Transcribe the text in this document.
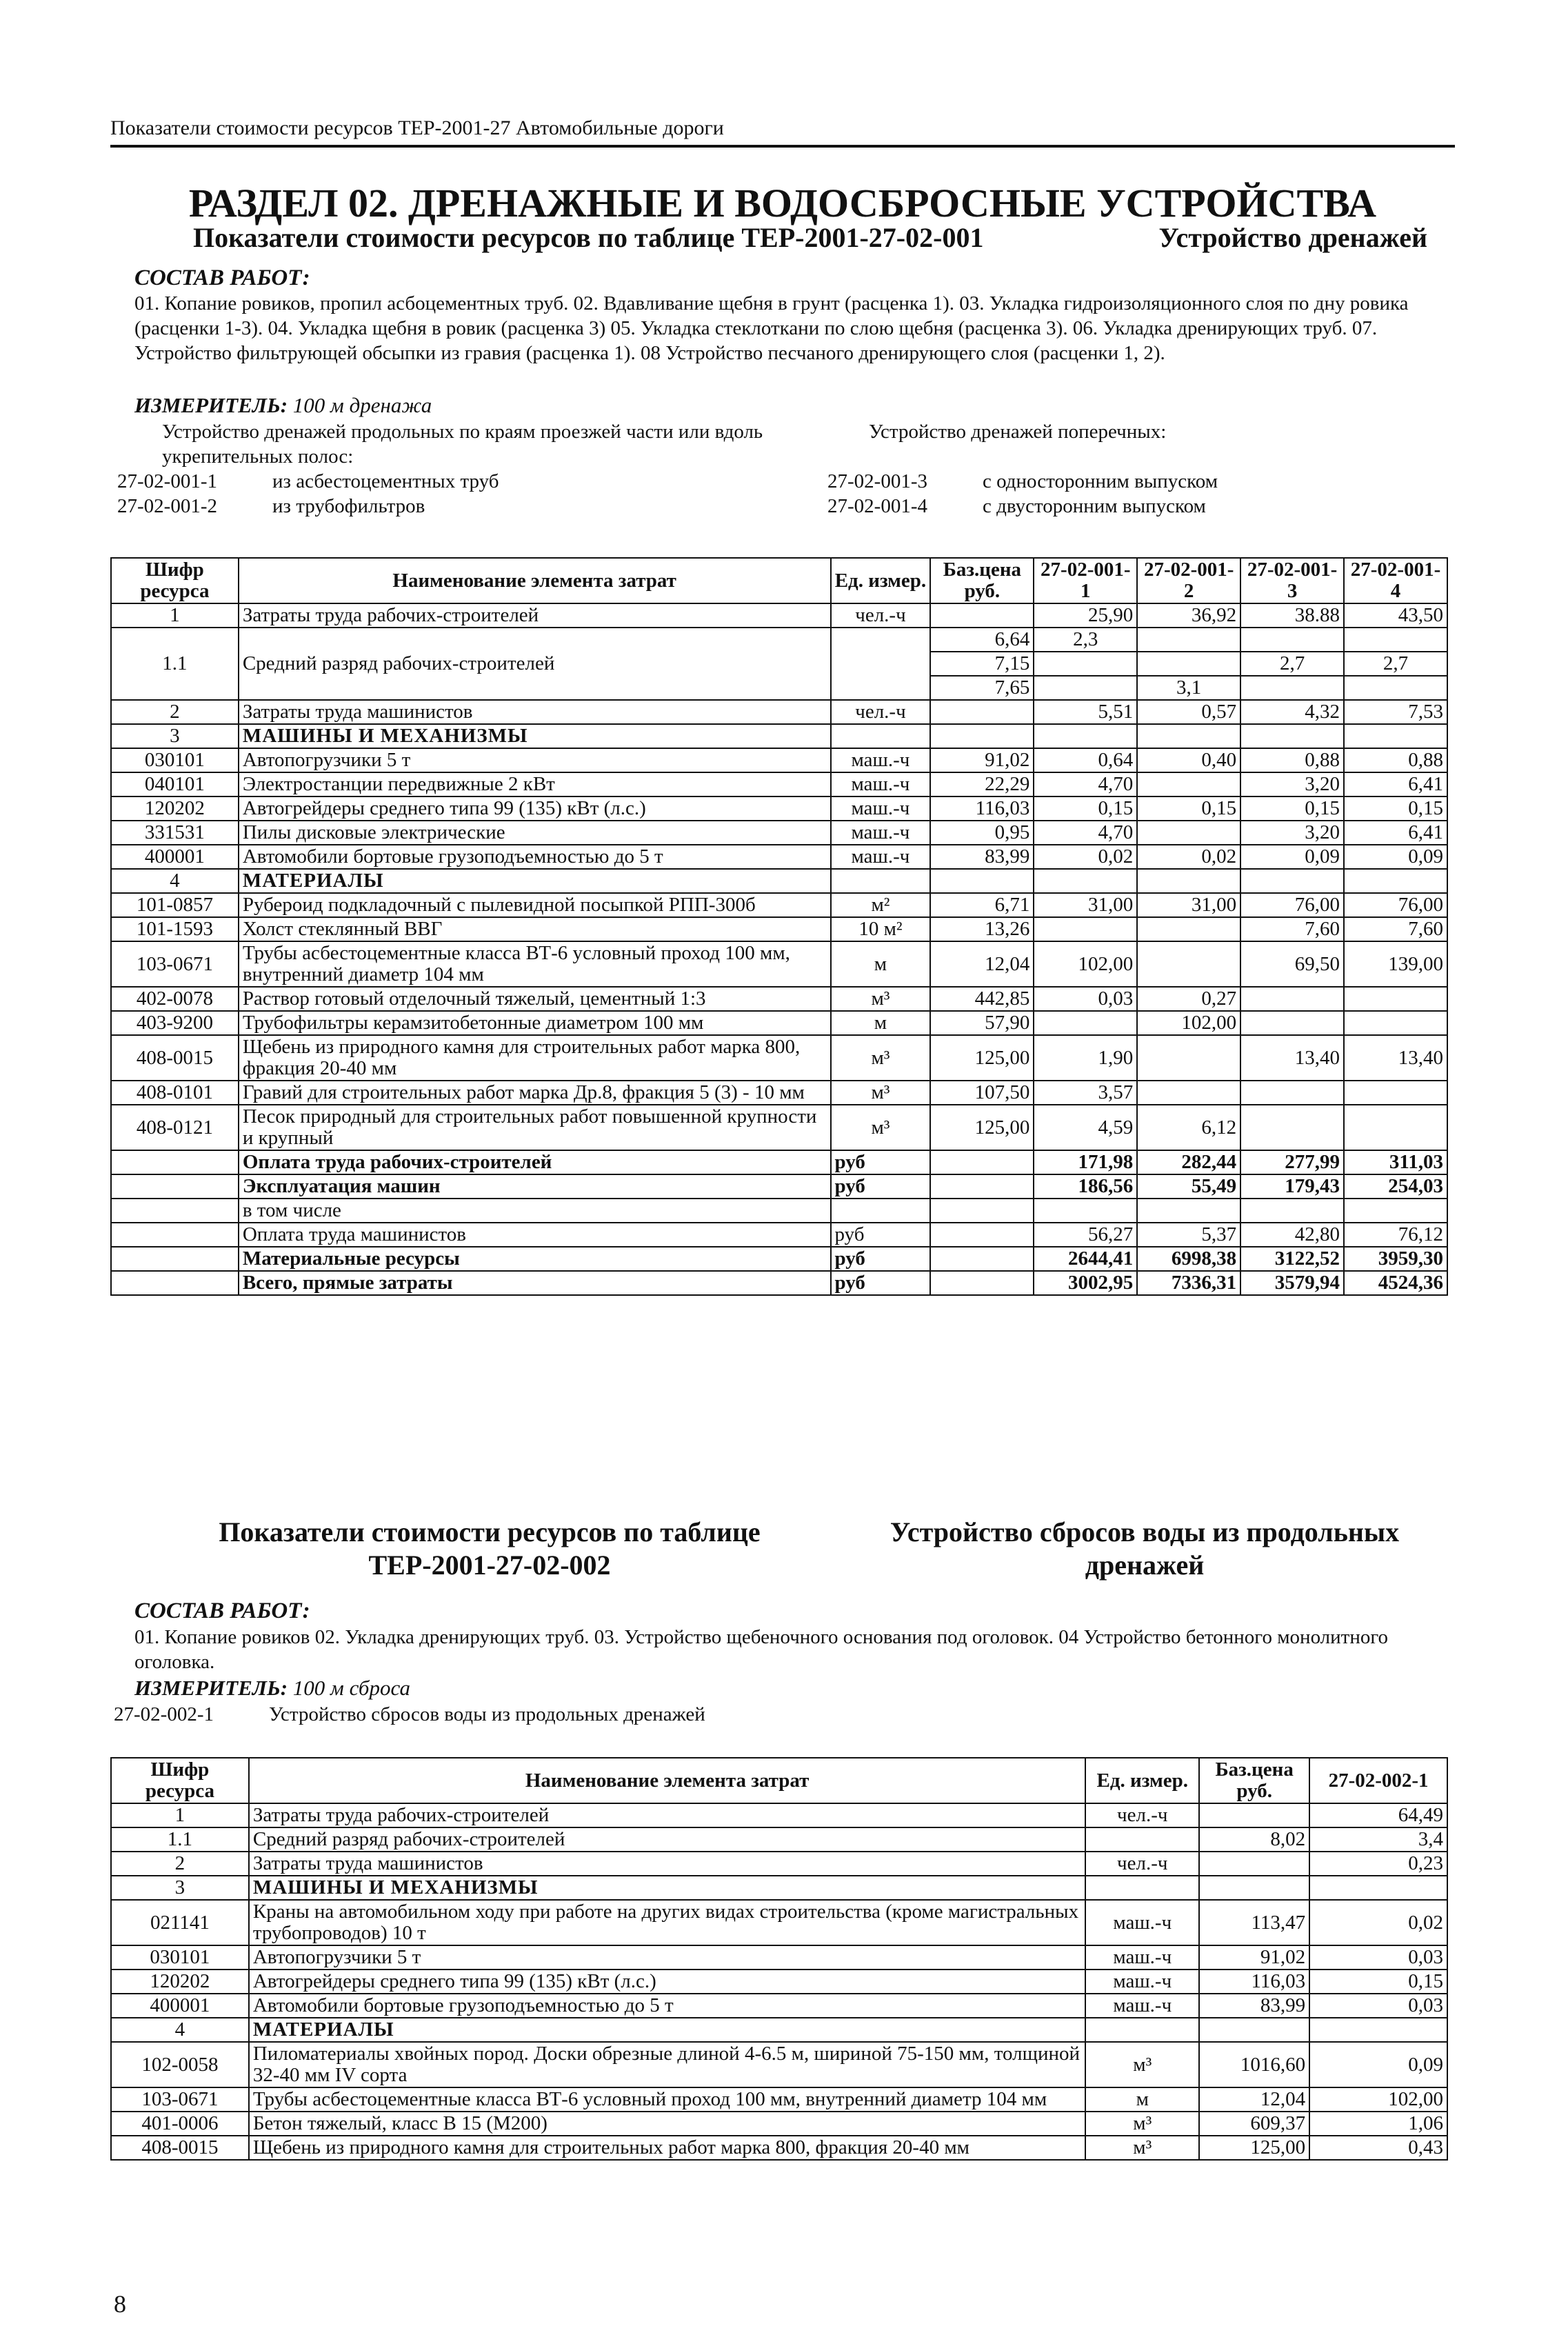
Показатели стоимости ресурсов ТЕР-2001-27 Автомобильные дороги
РАЗДЕЛ 02. ДРЕНАЖНЫЕ И ВОДОСБРОСНЫЕ УСТРОЙСТВА
Показатели стоимости ресурсов по таблице ТЕР-2001-27-02-001	Устройство дренажей
СОСТАВ РАБОТ:
01. Копание ровиков, пропил асбоцементных труб. 02. Вдавливание щебня в грунт (расценка 1). 03. Укладка гидроизоляционного слоя по дну ровика (расценки 1-3). 04. Укладка щебня в ровик (расценка 3) 05. Укладка стеклоткани по слою щебня (расценка 3). 06. Укладка дренирующих труб. 07. Устройство фильтрующей обсыпки из гравия (расценка 1). 08 Устройство песчаного дренирующего слоя (расценки 1, 2).
ИЗМЕРИТЕЛЬ: 100 м дренажа
Устройство дренажей продольных по краям проезжей части или вдоль укрепительных полос:
27-02-001-1	из асбестоцементных труб
27-02-001-2	из трубофильтров
Устройство дренажей поперечных:
27-02-001-3	с односторонним выпуском
27-02-001-4	с двусторонним выпуском
Шифр ресурса	Наименование элемента затрат	Ед. измер.	Баз.цена руб.	27-02-001-1	27-02-001-2	27-02-001-3	27-02-001-4
1	Затраты труда рабочих-строителей	чел.-ч		25,90	36,92	38.88	43,50
1.1	Средний разряд рабочих-строителей		6,64	2,3			
			7,15			2,7	2,7
			7,65		3,1		
2	Затраты труда машинистов	чел.-ч		5,51	0,57	4,32	7,53
3	МАШИНЫ И МЕХАНИЗМЫ						
030101	Автопогрузчики 5 т	маш.-ч	91,02	0,64	0,40	0,88	0,88
040101	Электростанции передвижные 2 кВт	маш.-ч	22,29	4,70		3,20	6,41
120202	Автогрейдеры среднего типа 99 (135) кВт (л.с.)	маш.-ч	116,03	0,15	0,15	0,15	0,15
331531	Пилы дисковые электрические	маш.-ч	0,95	4,70		3,20	6,41
400001	Автомобили бортовые грузоподъемностью до 5 т	маш.-ч	83,99	0,02	0,02	0,09	0,09
4	МАТЕРИАЛЫ						
101-0857	Рубероид подкладочный с пылевидной посыпкой РПП-300б	м²	6,71	31,00	31,00	76,00	76,00
101-1593	Холст стеклянный ВВГ	10 м²	13,26			7,60	7,60
103-0671	Трубы асбестоцементные класса ВТ-6 условный проход 100 мм, внутренний диаметр 104 мм	м	12,04	102,00		69,50	139,00
402-0078	Раствор готовый отделочный тяжелый, цементный 1:3	м³	442,85	0,03	0,27		
403-9200	Трубофильтры керамзитобетонные диаметром 100 мм	м	57,90		102,00		
408-0015	Щебень из природного камня для строительных работ марка 800, фракция 20-40 мм	м³	125,00	1,90		13,40	13,40
408-0101	Гравий для строительных работ марка Др.8, фракция 5 (3) - 10 мм	м³	107,50	3,57			
408-0121	Песок природный для строительных работ повышенной крупности и крупный	м³	125,00	4,59	6,12		
	Оплата труда рабочих-строителей	руб		171,98	282,44	277,99	311,03
	Эксплуатация машин	руб		186,56	55,49	179,43	254,03
	в том числе						
	Оплата труда машинистов	руб		56,27	5,37	42,80	76,12
	Материальные ресурсы	руб		2644,41	6998,38	3122,52	3959,30
	Всего, прямые затраты	руб		3002,95	7336,31	3579,94	4524,36
Показатели стоимости ресурсов по таблице
ТЕР-2001-27-02-002
Устройство сбросов воды из продольных
дренажей
СОСТАВ РАБОТ:
01. Копание ровиков 02. Укладка дренирующих труб. 03. Устройство щебеночного основания под оголовок. 04 Устройство бетонного монолитного оголовка.
ИЗМЕРИТЕЛЬ: 100 м сброса
27-02-002-1	Устройство сбросов воды из продольных дренажей
Шифр ресурса	Наименование элемента затрат	Ед. измер.	Баз.цена руб.	27-02-002-1
1	Затраты труда рабочих-строителей	чел.-ч		64,49
1.1	Средний разряд рабочих-строителей		8,02	3,4
2	Затраты труда машинистов	чел.-ч		0,23
3	МАШИНЫ И МЕХАНИЗМЫ			
021141	Краны на автомобильном ходу при работе на других видах строительства (кроме магистральных трубопроводов) 10 т	маш.-ч	113,47	0,02
030101	Автопогрузчики 5 т	маш.-ч	91,02	0,03
120202	Автогрейдеры среднего типа 99 (135) кВт (л.с.)	маш.-ч	116,03	0,15
400001	Автомобили бортовые грузоподъемностью до 5 т	маш.-ч	83,99	0,03
4	МАТЕРИАЛЫ			
102-0058	Пиломатериалы хвойных пород. Доски обрезные длиной 4-6.5 м, шириной 75-150 мм, толщиной 32-40 мм IV сорта	м³	1016,60	0,09
103-0671	Трубы асбестоцементные класса ВТ-6 условный проход 100 мм, внутренний диаметр 104 мм	м	12,04	102,00
401-0006	Бетон тяжелый, класс В 15 (М200)	м³	609,37	1,06
408-0015	Щебень из природного камня для строительных работ марка 800, фракция 20-40 мм	м³	125,00	0,43
8
